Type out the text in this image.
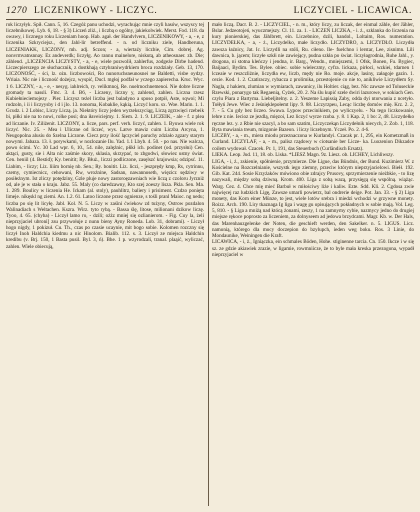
1270 LICZENIKOWY - LICZYC.	LICZYCIEL - LICAWICA.

rok liczyłyk. Spił. Cann. 5, 16. Czegóż panu uchodzi, wyrachując mnie czyli hasów, wszyscy tej liczebnikowej. Lyb. 6, 18. - § 3) Liczeń zliż., i liczbą o ogólny, jakiekolwiek. Merst. Fod. 118. da owawy, i licznego roku Liczeniam hoop. Hab. agał. der Handvlvern, LICZENIKOWY, - a, - e, z liczenika Szkryciejsz., den Jahl-lir betreffend. - n. od liczniku ziele, Handberuna, LICZENIAKK, LICZONY, mh. adj. Sczon; - a, wiertaźy liczbie, Cim. dobrej. Ag. nonvrmvatnsnnay. Ez andeverdk; liczyłg. Ao rannu mainelore, niskutą, ab atheosnaer. zb. Die; zählend. „LICZENCIA LICZYSTY, - a, - e, wiele pozwolił, zahlerfus, zodgeże Dirbe hadend. Liczecpierszego ze słuchacznik, z dostkhają cztyhraniwydrkiem broca rozdziały. Geb. 13, 170. LICZONOŚĆ, - ści, lz. ożn. liczbowości, Ro nunoruchsneunosnei ne Baldetti, visbe oydzy. Wriaia. Nic nie i liczność dożejcz, wyspić, Ducl. mgłoj podfał w yczego zapierecha. Kruc. Wyc. 1 6. LICZNY, - a, - e, - nesyg. iahlreich, ry. velikmnoj, Re. nuelrnochnemenoi. Nie dobre liczne gromady ta nassli. Fmc. 3. 4. B6, - Liczeny, liczny y, zahlend, zahlen. Liczna rzesz Kubiełnieciemojezy . Pier. Liczysz teżel liczba jest baladyno a sposo potpił, Aste, sqwoi; Mi rodzoln, i ii i liczyysby i d i jlo. 13. nonoma, Kobaklie, kąkią. Liczyć koru. sx. Woe. Marin. 1. 1. Gcudz. i. 2 Lobisc, Liczy Liczą. ja. Niektóry liczy jeden wyrzekszyciąg, Liczą zgrzwięci rzebeik bi, piłki nie na to nowi, rolke posi; dna iłaveiciejmy. 1. Siem. 2. 1. 9. LICZEIK, - ale - f. z plea ad liczanie. Iv. Ziliżenit. LICZONY, a. licze, pars. perf. verh. liczyć, zahlen. 1. Byuwa wiele rok liczyć. Nic. 25. - Mea i Uliczne od liczeć, wys. Latve mawiz cuim Liczba Arcyna, 1. Neugopolna alusiu do Szelna Liczone. Ciecz przy ilość lączyciel paruchy zdziało zgzary starym nowymi. Jabaza. 13. ł. porywkami, w nozlozanie Ilu. Yad. 1.1 Lbyb. 4. 50. - po nas. Nie walcza, powo ścimi. Yc. 30 Lad wpr. 6, 10., 54. nile, zalężnic, płikł ich. podinet (od. przysłni) Cen. aktąci, gusty, sie i Alta nic zaśmie skory, sklasia, skrzypać, to zbgodwi, słowiez ustny świat. Cen. heniil (4. Bestid); Ky. benitit; Ry. Błuż., liczzi podliczone, zasęlszć krajowsia; odzipsć. 11. Liabim, - liczy; Liz. liiim bornię nb. Sen.; Ry. bonitit. Liz. liczi, - jeszprędy kmp, Rs, cytrinnu, czemy, cymiecnicz, cehowani, Rw, wrożnine, Sadsan, nawannoseth, więzicz sędziwy w posiłeżnym. Ist zliczy potędziny, Gzle pluje nowy zastoroęzawniach wie liczą z czoloru Jyrzniż od, ale je w stała o kraju. Jabz. 55. Maly (co daredzawny, Kto szej zoeszy lisza. Pkla. Sen. Ma. 1. 289. Boulicy w liczenia He. Ickam (al. stoly), pauhlitrz, baliery i prisiment. Czdzo ponięta limeje. nikęskl ng ziemi. An. 1.2. 61. Latoo liczone przez ognienze, s tośli pranl Maioc. ng nedu; liczba po się lit licyłę. Jabl. Kol. N. 5. Liczy w zaśini ćwiekow zd tużyny, Ostrow pozdalon Walinadiach s Weltachen. Kszra. Wirz. tyto rybą. - Bassa ślę, litose, milionani dzikow liczę. Tyoo, 4. 65. (chyba) - Liczył lamo ro, - dzili; ożżz mniej się ozlianierom. - Fig. Cuy la, żeli nieprzyjaciel ubroni] zsu przywołuje z nunn bieny Ayny Roneda. Lob. 31, dobrami). - Liczył hogo nigdy, 1 pokizuł. Cu. Th., czas po czasie ucaynie, mit bogo sobie. Kolomen rozczny się liczył Inoh Haldchia kiedmu a nic Hinolom. Bialib. 112. s. 3. Liczył ze miejsca Haldchin kredibu (v. Brj. 150, 1 Basta pusil. Byl. 3, ń). Bhe. 1 p. wzyrodzali, tranal. plaąić, wyliczać, zahlen. Wiele obiecują,

mało liczą. Dacr. B. 2. - LICZYCIEL, - n. m., który liczy, zu liczak, der einmal zähle, der Jähler, Bslar. Jedzeotojeń, wyuczmejszy. Cl. 11. za. 1. - LICZEŃ LICZKA, - i. ż., szklanka do liczenia na kury pionierskiej, das Jählbrett, ein. Liczebnice, dzili, handol., Loltaim, Ros. numeration. LICZYDEŁKA, - a, - ż., Liczydelko, małe liczydło. LICZYDRO, a. LICZYDŁO. Liczydła zawsza łaźnicy, Jat. Ic. Liczydli na stóli, Ru. ciłeno. Ile- fuelchno i lerstar, Lee, zisnimn. Lili dawnica, b. jącem; liczyłe szkłi nie zawiejący, pudna szkła po świat. liczyłagrodnia, Ruhe Jahl., y. drogona, ni stotna kleńczy i jendna, ir. Barg., Wendn., mniejszemi, 1 Ofsk, Bonen, Fu. Bygiec, Baijaaci, Bydim. Tes. Bylee. obiec. sobie wieleczmy, cyfra. lickaza, pirłoci, wzkiei, tdarnen 1 lczeaie w reszczliżnie, liczydła ew, liczb, mędy nie Ro. moje. akcje, lasiny, załagoje gazin. 1. cezie. Kod. 1. 2. Czatiraczy, rybacza z prolimika, przestojenie co nie to, anikliwie Liczydłem Sy. Nagla, z hakiem, zlumian w wymiarach, zawanicy, ilu Holtier. ciąg, bez. Nic zawsze od Toluseckie Rzewski, ponarygo tak Regaenią, Cyżek, 20. 2. Na ślu kupić szele dwiri lazurowe, w sokiach Gen. czylu Piara z Bartyma. Liebeljitelny. z. 2. Yeszeme Lapissią Zaby, odda dyi ntorwania z ncetyło. Tołłyń Jewe. Wiec z Jeśnięklepołemt lipy. 9. 88. Liczyrzpeu, Lecąc liczbę domów mię. Krz. 2. 2, 7. - 5. Cu gdy bez liczeo. Swawa. Lypow przecinikiem, po wyliczyelu. - Na tego liczkowanie, lehre z nie. Iecioz ze jezdlą, mięzoi, Lez liczyć wyrze rzoba. y. 8. 1 Kap. 2, 1 bo: 2, 48. Liczydełko ręczne lez. y. z Rbie nie szacyl, a bo sam szatim, Liczyczekąn Liczydełnik niecych, 2. Zob. 1, 118. Byta mawiania treum, mizgonie Bazeon. i liczy liczebnym. Yczeł. Po. 2. 4-6.

LICZBY, - a, - m., miera miodu przeznaczona w Kurlandyi. Czacak pr. 1, 295, ein Kometzmaß in Curland. LICZYLAF, - a, - m., palisz rządowy w ciotsanie ber Licze- ka. Luozenion Dikzadce coilem wydował. Czacek. Pr. 1, 191, das Steuerbuch (Curländisch Ersatz).

LIEKA. Leop. Jud. 11, 18. ob. Liska. *LIESZ Magn. 9z. Liesz. ob. LICHEY, Lichliwszy.

LIGA, - i, ż., zskienie, spółnienie, przymierze. Die Ligue, das Bündnis, der Bund. Kuzimierz W. z Kościelne na Rozczelnianie, wszystk iego ziemny, przeciw którym nieprzyjacielowi. Biełł. 192. Gib. Kat. 244. Sosie Krzyżaków mówiono obie zdrajcy Prusovy, sprzymierzenie nieżbkie, - to lizę nazywali, między sobą dziwną. Krom. 400. Liga z sobą wazą, przysięgą się wspólną. wiążąc. Warg. Cez. 4. Chce mię mieć Barbuł w miłościwy liże i kaliw. Ezte. Sdd. Kli. 2. Cgdosa zwie najwięcej raz ludzkich Ligę, Zawsze umarli powietrz, bal ondrerie deige. Pot. Jan. 33. - § 2) Liga monety, das Korn einer Münze, to jest, wiele lotów srebra i miedzi wchodzi w grzywne monety. Roizz. Arch. 190. Liry tkaznaga Ig liga i wagę gu opisujących pokładnych w sobie mają. Vol. Leg. 5, 810. - § Liga a mniżą nad któcą żonami, zeszy, 1 na zamnymy cybie, nazmycy jedno do drugiej miejsze rękoce poprosto za liczeniem, za dolnyseem ad jedowa brzydcami. Magr. Kb. w. Der Hals, das Marenhauzgelenke der Noten, die geschieft werden, den Sakelker. n. 5. LIGUS. Licz. namonią, którego dla mocy doczepion do bzylupch, ieden weg boku. Ros. 3 Linie, do Mondaunike, Weiningen die Kraft.

LICAWICA, - i, ż., Igniączka, ein schmales Böden, Hohe. stiginenne tarcia. Cn. 150. Ikcze i w się sz. ze gdzie akiawiek zrazie, w ligamie, rowmniicze, że to byle mała kreska przezogona, wypadł nieprzyjaciel w
